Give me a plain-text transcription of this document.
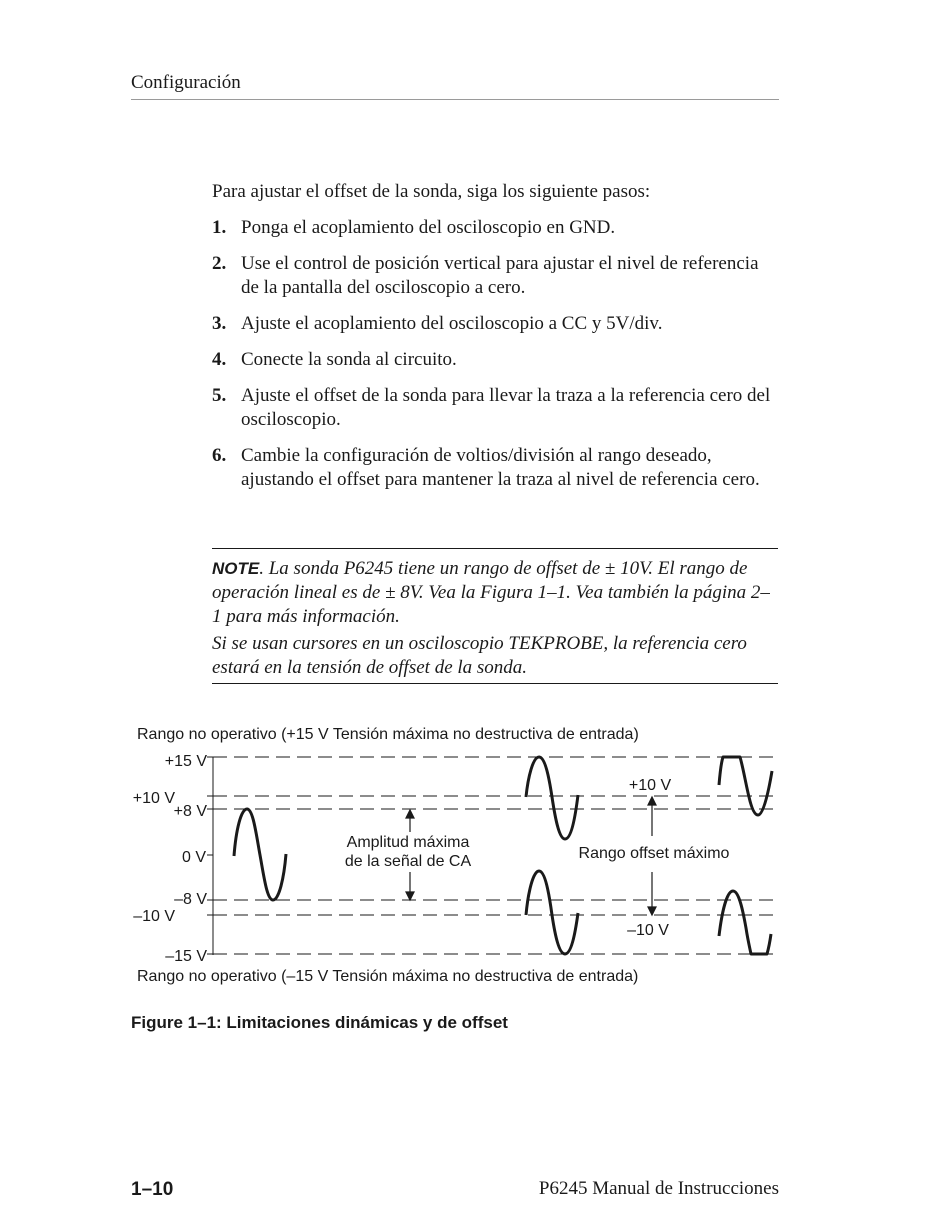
Configuración
Para ajustar el offset de la sonda, siga los siguiente pasos:
1. Ponga el acoplamiento del osciloscopio en GND.
2. Use el control de posición vertical para ajustar el nivel de referencia de la pantalla del osciloscopio a cero.
3. Ajuste el acoplamiento del osciloscopio a CC y 5V/div.
4. Conecte la sonda al circuito.
5. Ajuste el offset de la sonda para llevar la traza a la referencia cero del osciloscopio.
6. Cambie la configuración de voltios/división al rango deseado, ajustando el offset para mantener la traza al nivel de referencia cero.

NOTE. La sonda P6245 tiene un rango de offset de ± 10V. El rango de operación lineal es de ± 8V. Vea la Figura 1–1. Vea también la página 2–1 para más información.

Si se usan cursores en un osciloscopio TEKPROBE, la referencia cero estará en la tensión de offset de la sonda.

Rango no operativo (+15 V Tensión máxima no destructiva de entrada)
Rango no operativo (–15 V Tensión máxima no destructiva de entrada)
+15 V
+10 V
+8 V
0 V
–8 V
–10 V
–15 V
Amplitud máxima
de la señal de CA
+10 V
Rango offset máximo
–10 V
Figure 1–1: Limitaciones dinámicas y de offset
1–10	P6245 Manual de Instrucciones
